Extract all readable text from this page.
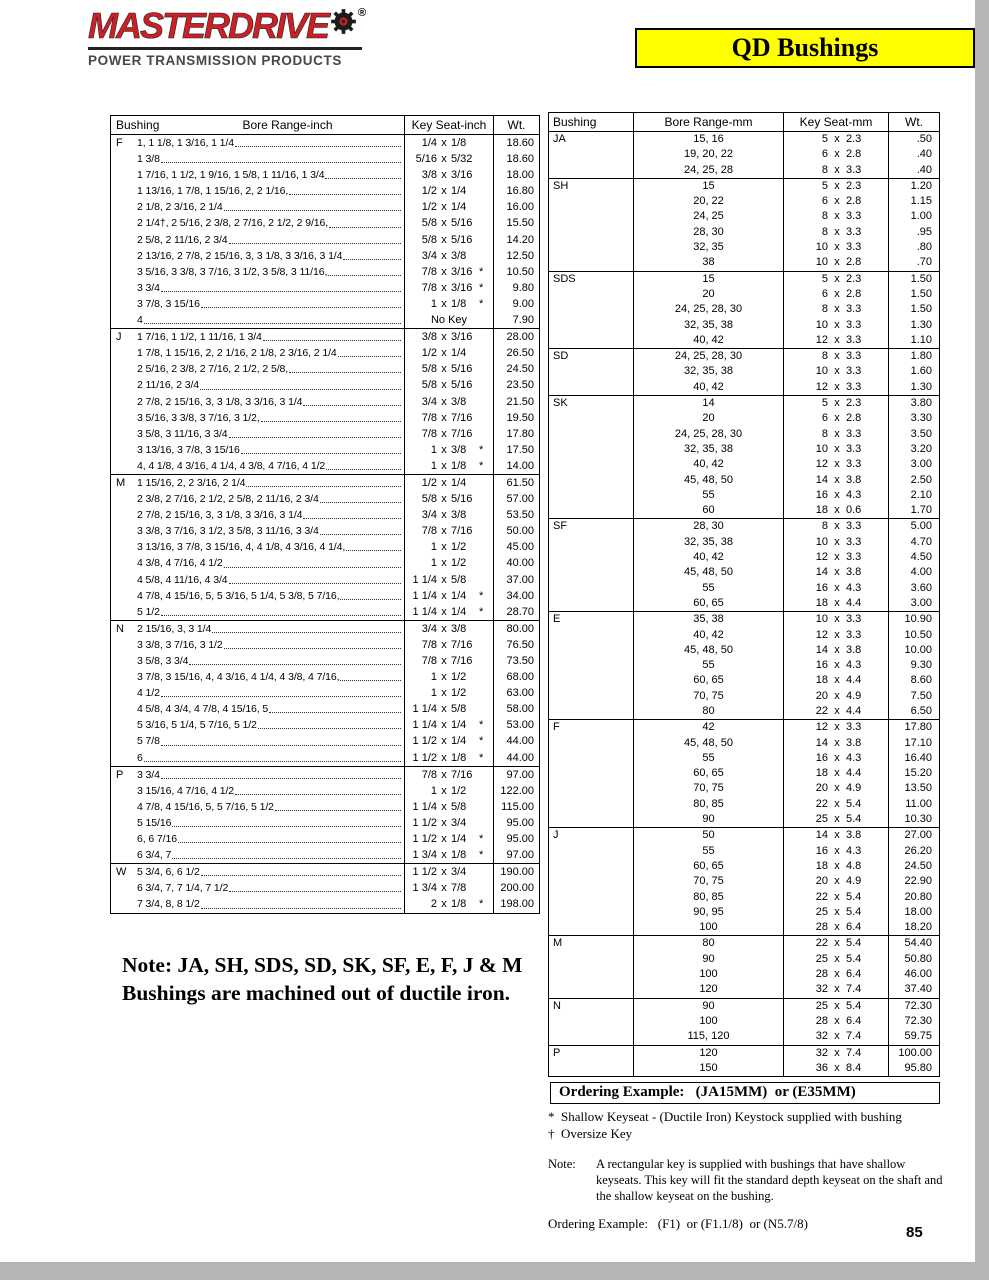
MASTERDRIVE	®
POWER TRANSMISSION PRODUCTS	QD Bushings
Bushing	Bore Range-inch	Key Seat-inch	Wt.
F	1, 1 1/8, 1 3/16, 1 1/4	1/4 x 1/8	18.60
1 3/8	5/16 x 5/32	18.60
1 7/16, 1 1/2, 1 9/16, 1 5/8, 1 11/16, 1 3/4	3/8 x 3/16	18.00
1 13/16, 1 7/8, 1 15/16, 2, 2 1/16,	1/2 x 1/4	16.80
2 1/8, 2 3/16, 2 1/4	1/2 x 1/4	16.00
2 1/4†, 2 5/16, 2 3/8, 2 7/16, 2 1/2, 2 9/16,	5/8 x 5/16	15.50
2 5/8, 2 11/16, 2 3/4	5/8 x 5/16	14.20
2 13/16, 2 7/8, 2 15/16, 3, 3 1/8, 3 3/16, 3 1/4	3/4 x 3/8	12.50
3 5/16, 3 3/8, 3 7/16, 3 1/2, 3 5/8, 3 11/16,	7/8 x 3/16 *	10.50
3 3/4	7/8 x 3/16 *	9.80
3 7/8, 3 15/16	1 x 1/8	*	9.00
4	No Key	7.90
J	1 7/16, 1 1/2, 1 11/16, 1 3/4	3/8 x 3/16	28.00
1 7/8, 1 15/16, 2, 2 1/16, 2 1/8, 2 3/16, 2 1/4	1/2 x 1/4	26.50
2 5/16, 2 3/8, 2 7/16, 2 1/2, 2 5/8,	5/8 x 5/16	24.50
2 11/16, 2 3/4	5/8 x 5/16	23.50
2 7/8, 2 15/16, 3, 3 1/8, 3 3/16, 3 1/4	3/4 x 3/8	21.50
3 5/16, 3 3/8, 3 7/16, 3 1/2,	7/8 x 7/16	19.50
3 5/8, 3 11/16, 3 3/4	7/8 x 7/16	17.80
3 13/16, 3 7/8, 3 15/16	1 x 3/8	*	17.50
4, 4 1/8, 4 3/16, 4 1/4, 4 3/8, 4 7/16, 4 1/2	1 x 1/8	*	14.00
M	1 15/16, 2, 2 3/16, 2 1/4	1/2 x 1/4	61.50
2 3/8, 2 7/16, 2 1/2, 2 5/8, 2 11/16, 2 3/4	5/8 x 5/16	57.00
2 7/8, 2 15/16, 3, 3 1/8, 3 3/16, 3 1/4	3/4 x 3/8	53.50
3 3/8, 3 7/16, 3 1/2, 3 5/8, 3 11/16, 3 3/4	7/8 x 7/16	50.00
3 13/16, 3 7/8, 3 15/16, 4, 4 1/8, 4 3/16, 4 1/4,	1 x 1/2	45.00
4 3/8, 4 7/16, 4 1/2	1 x 1/2	40.00
4 5/8, 4 11/16, 4 3/4	1 1/4 x 5/8	37.00
4 7/8, 4 15/16, 5, 5 3/16, 5 1/4, 5 3/8, 5 7/16,	1 1/4 x 1/4	*	34.00
5 1/2	1 1/4 x 1/4	*	28.70
N	2 15/16, 3, 3 1/4	3/4 x 3/8	80.00
3 3/8, 3 7/16, 3 1/2	7/8 x 7/16	76.50
3 5/8, 3 3/4	7/8 x 7/16	73.50
3 7/8, 3 15/16, 4, 4 3/16, 4 1/4, 4 3/8, 4 7/16,	1 x 1/2	68.00
4 1/2	1 x 1/2	63.00
4 5/8, 4 3/4, 4 7/8, 4 15/16, 5	1 1/4 x 5/8	58.00
5 3/16, 5 1/4, 5 7/16, 5 1/2	1 1/4 x 1/4	*	53.00
5 7/8	1 1/2 x 1/4	*	44.00
6	1 1/2 x 1/8	*	44.00
P	3 3/4	7/8 x 7/16	97.00
3 15/16, 4 7/16, 4 1/2	1 x 1/2	122.00
4 7/8, 4 15/16, 5, 5 7/16, 5 1/2	1 1/4 x 5/8	115.00
5 15/16	1 1/2 x 3/4	95.00
6, 6 7/16	1 1/2 x 1/4	*	95.00
6 3/4, 7	1 3/4 x 1/8	*	97.00
W	5 3/4, 6, 6 1/2	1 1/2 x 3/4	190.00
6 3/4, 7, 7 1/4, 7 1/2	1 3/4 x 7/8	200.00
7 3/4, 8, 8 1/2	2 x 1/8	*	198.00
Bushing	Bore Range-mm	Key Seat-mm	Wt.
JA	15, 16	5 x 2.3	.50
19, 20, 22	6 x 2.8	.40
24, 25, 28	8 x 3.3	.40
SH	15	5 x 2.3	1.20
20, 22	6 x 2.8	1.15
24, 25	8 x 3.3	1.00
28, 30	8 x 3.3	.95
32, 35	10 x 3.3	.80
38	10 x 2.8	.70
SDS	15	5 x 2.3	1.50
20	6 x 2.8	1.50
24, 25, 28, 30	8 x 3.3	1.50
32, 35, 38	10 x 3.3	1.30
40, 42	12 x 3.3	1.10
SD	24, 25, 28, 30	8 x 3.3	1.80
32, 35, 38	10 x 3.3	1.60
40, 42	12 x 3.3	1.30
SK	14	5 x 2.3	3.80
20	6 x 2.8	3.30
24, 25, 28, 30	8 x 3.3	3.50
32, 35, 38	10 x 3.3	3.20
40, 42	12 x 3.3	3.00
45, 48, 50	14 x 3.8	2.50
55	16 x 4.3	2.10
60	18 x 0.6	1.70
SF	28, 30	8 x 3.3	5.00
32, 35, 38	10 x 3.3	4.70
40, 42	12 x 3.3	4.50
45, 48, 50	14 x 3.8	4.00
55	16 x 4.3	3.60
60, 65	18 x 4.4	3.00
E	35, 38	10 x 3.3	10.90
40, 42	12 x 3.3	10.50
45, 48, 50	14 x 3.8	10.00
55	16 x 4.3	9.30
60, 65	18 x 4.4	8.60
70, 75	20 x 4.9	7.50
80	22 x 4.4	6.50
F	42	12 x 3.3	17.80
45, 48, 50	14 x 3.8	17.10
55	16 x 4.3	16.40
60, 65	18 x 4.4	15.20
70, 75	20 x 4.9	13.50
80, 85	22 x 5.4	11.00
90	25 x 5.4	10.30
J	50	14 x 3.8	27.00
55	16 x 4.3	26.20
60, 65	18 x 4.8	24.50
70, 75	20 x 4.9	22.90
80, 85	22 x 5.4	20.80
90, 95	25 x 5.4	18.00
100	28 x 6.4	18.20
M	80	22 x 5.4	54.40
90	25 x 5.4	50.80
100	28 x 6.4	46.00
120	32 x 7.4	37.40
N	90	25 x 5.4	72.30
100	28 x 6.4	72.30
115, 120	32 x 7.4	59.75
P	120	32 x 7.4	100.00
150	36 x 8.4	95.80
Note: JA, SH, SDS, SD, SK, SF, E, F, J & M Bushings are machined out of ductile iron.
Ordering Example:   (JA15MM)  or (E35MM)
*  Shallow Keyseat - (Ductile Iron) Keystock supplied with bushing
†  Oversize Key
Note:	A rectangular key is supplied with bushings that have shallow keyseats. This key will fit the standard depth keyseat on the shaft and the shallow keyseat on the bushing.
Ordering Example:   (F1)  or (F1.1/8)  or (N5.7/8)
85
